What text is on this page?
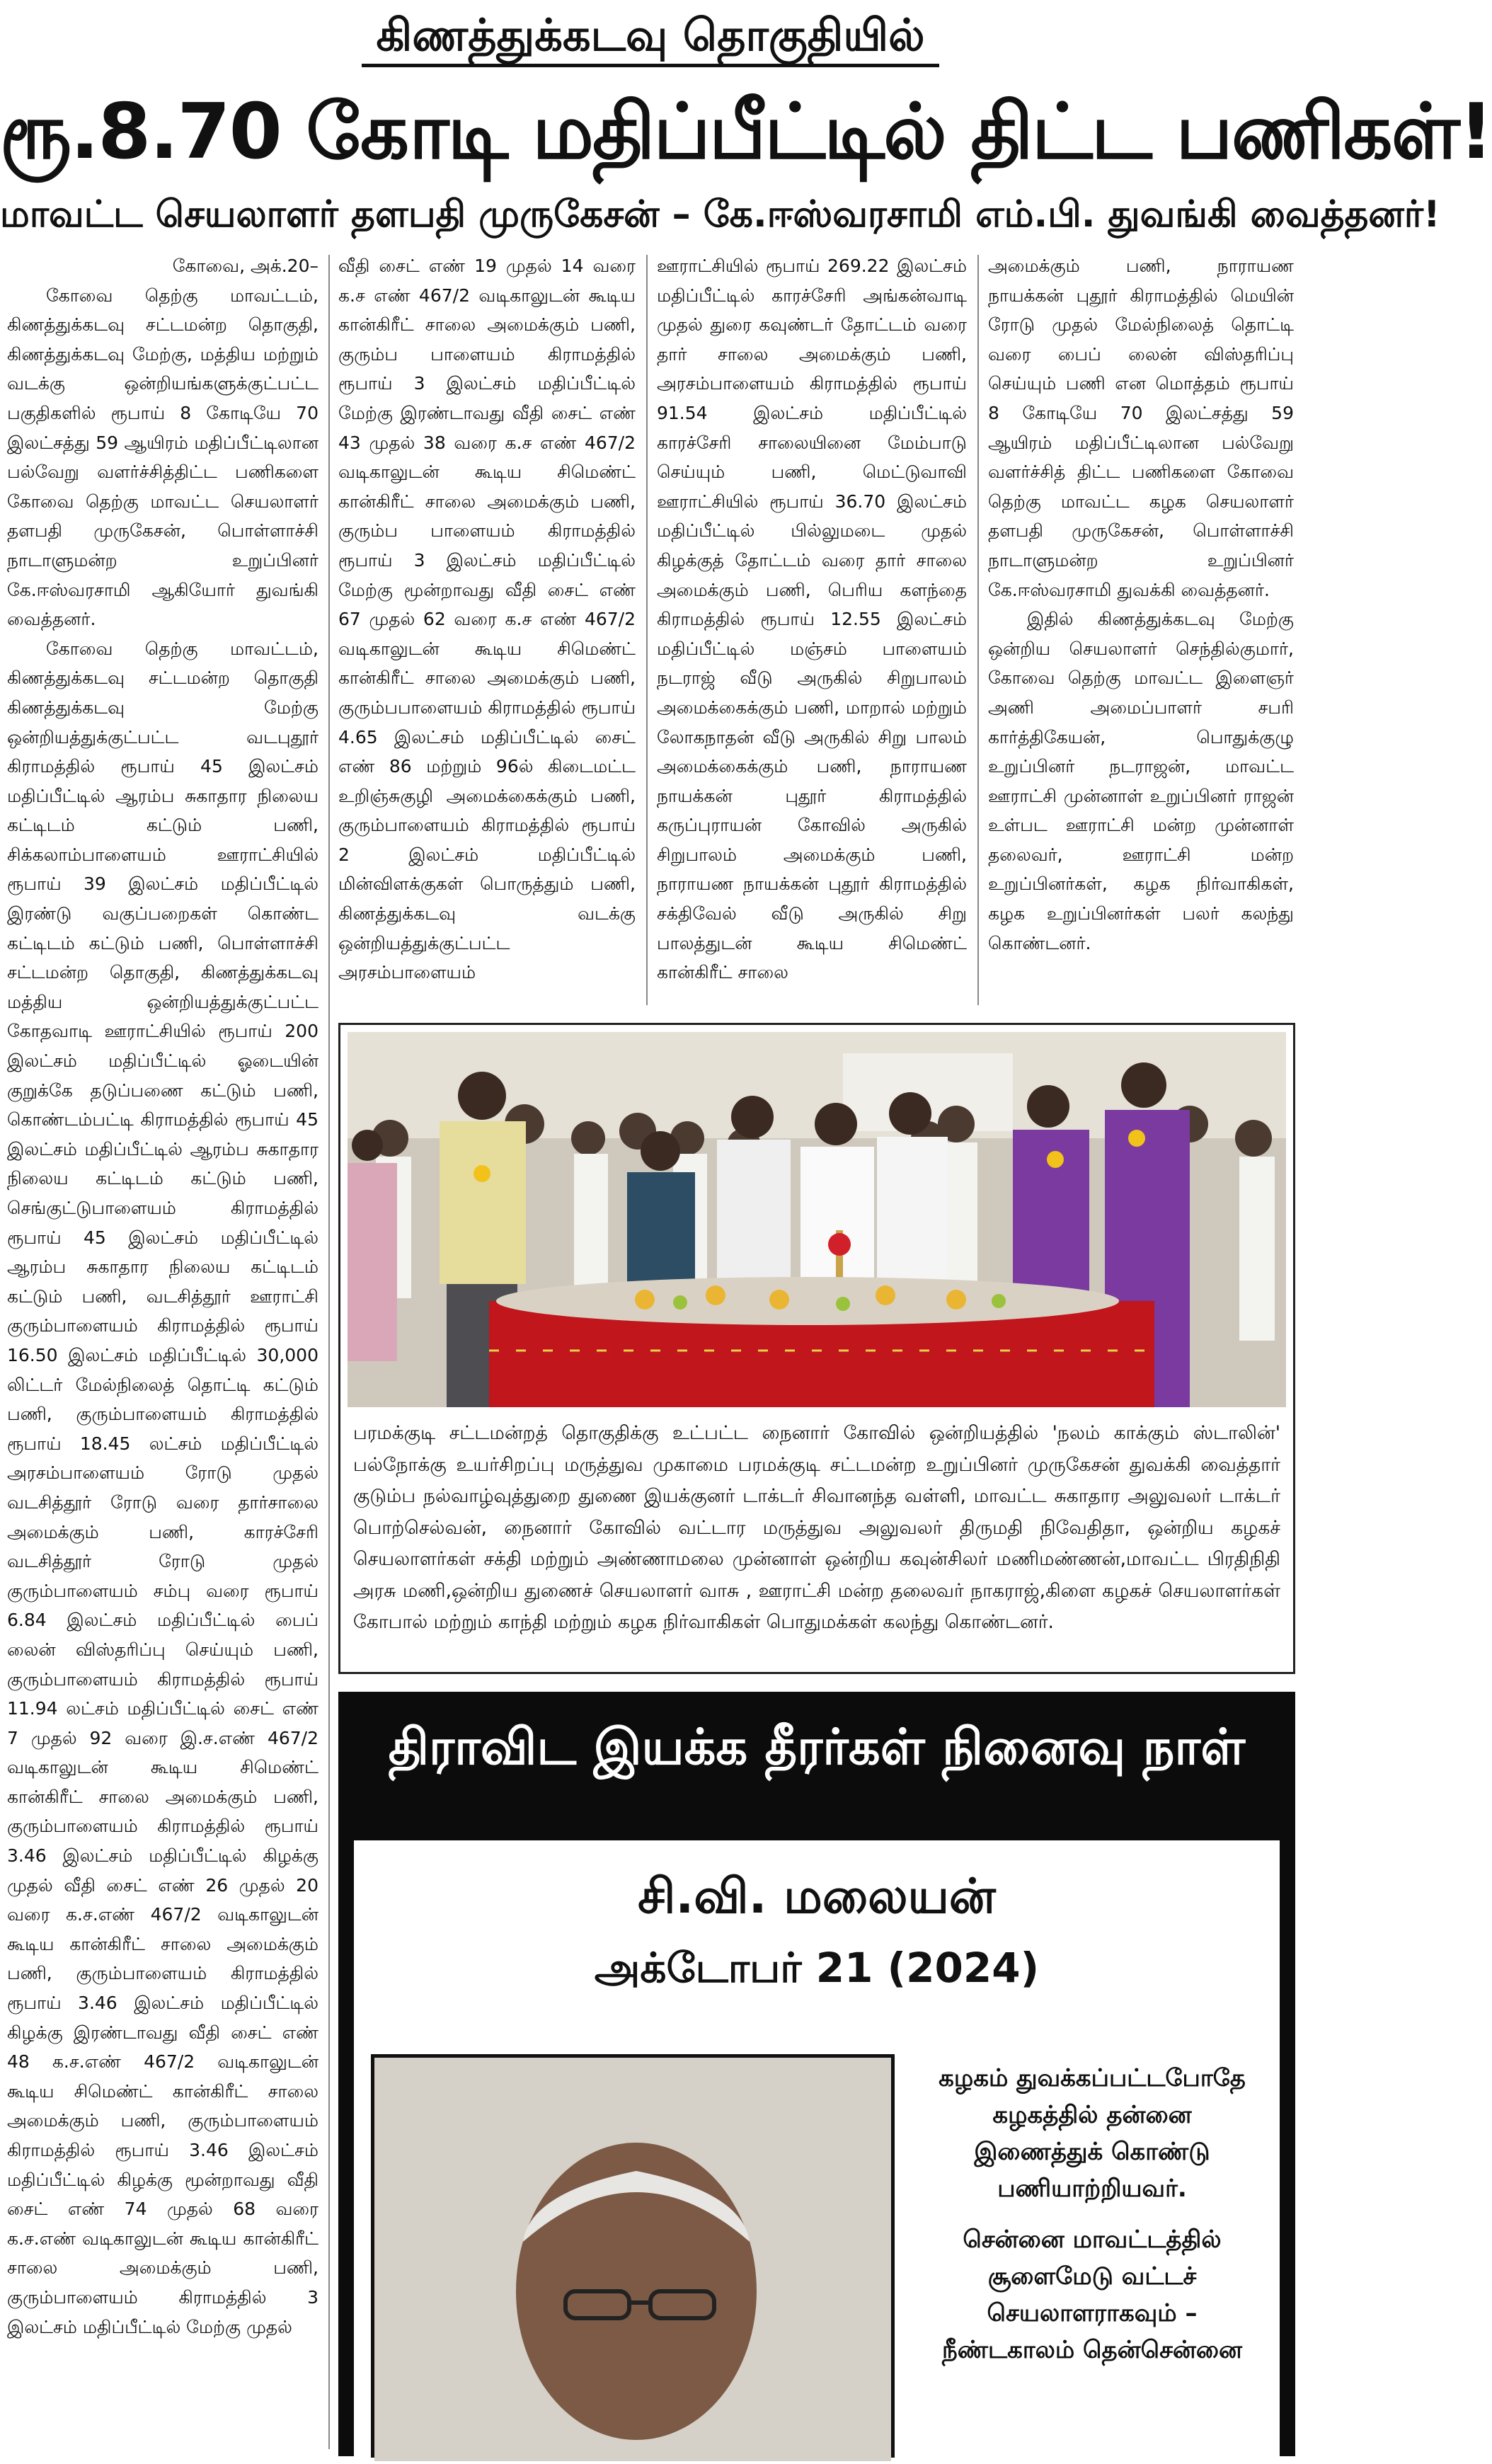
கிணத்துக்கடவு தொகுதியில்
ரூ.8.70 கோடி மதிப்பீட்டில் திட்ட பணிகள்!
மாவட்ட செயலாளர் தளபதி முருகேசன் – கே.ஈஸ்வரசாமி எம்.பி. துவங்கி வைத்தனர்!

கோவை, அக்.20–

கோவை தெற்கு மாவட்டம், கிணத்துக்கடவு சட்டமன்ற தொகுதி, கிணத்துக்கடவு மேற்கு, மத்திய மற்றும் வடக்கு ஒன்றியங்களுக்குட்பட்ட பகுதிகளில் ரூபாய் 8 கோடியே 70 இலட்சத்து 59 ஆயிரம் மதிப்பீட்டிலான பல்வேறு வளர்ச்சித்திட்ட பணிகளை கோவை தெற்கு மாவட்ட செயலாளர் தளபதி முருகேசன், பொள்ளாச்சி நாடாளுமன்ற உறுப்பினர் கே.ஈஸ்வரசாமி ஆகியோர் துவங்கி வைத்தனர்.

கோவை தெற்கு மாவட்டம், கிணத்துக்கடவு சட்டமன்ற தொகுதி கிணத்துக்கடவு மேற்கு ஒன்றியத்துக்குட்பட்ட வடபுதூர் கிராமத்தில் ரூபாய் 45 இலட்சம் மதிப்பீட்டில் ஆரம்ப சுகாதார நிலைய கட்டிடம் கட்டும் பணி, சிக்கலாம்பாளையம் ஊராட்சியில் ரூபாய் 39 இலட்சம் மதிப்பீட்டில் இரண்டு வகுப்பறைகள் கொண்ட கட்டிடம் கட்டும் பணி, பொள்ளாச்சி சட்டமன்ற தொகுதி, கிணத்துக்கடவு மத்திய ஒன்றியத்துக்குட்பட்ட கோதவாடி ஊராட்சியில் ரூபாய் 200 இலட்சம் மதிப்பீட்டில் ஓடையின் குறுக்கே தடுப்பணை கட்டும் பணி, கொண்டம்பட்டி கிராமத்தில் ரூபாய் 45 இலட்சம் மதிப்பீட்டில் ஆரம்ப சுகாதார நிலைய கட்டிடம் கட்டும் பணி, செங்குட்டுபாளையம் கிராமத்தில் ரூபாய் 45 இலட்சம் மதிப்பீட்டில் ஆரம்ப சுகாதார நிலைய கட்டிடம் கட்டும் பணி, வடசித்தூர் ஊராட்சி குரும்பாளையம் கிராமத்தில் ரூபாய் 16.50 இலட்சம் மதிப்பீட்டில் 30,000 லிட்டர் மேல்நிலைத் தொட்டி கட்டும் பணி, குரும்பாளையம் கிராமத்தில் ரூபாய் 18.45 லட்சம் மதிப்பீட்டில் அரசம்பாளையம் ரோடு முதல் வடசித்தூர் ரோடு வரை தார்சாலை அமைக்கும் பணி, காரச்சேரி வடசித்தூர் ரோடு முதல் குரும்பாளையம் சம்பு வரை ரூபாய் 6.84 இலட்சம் மதிப்பீட்டில் பைப் லைன் விஸ்தரிப்பு செய்யும் பணி, குரும்பாளையம் கிராமத்தில் ரூபாய் 11.94 லட்சம் மதிப்பீட்டில் சைட் எண் 7 முதல் 92 வரை இ.ச.எண் 467/2 வடிகாலுடன் கூடிய சிமெண்ட் கான்கிரீட் சாலை அமைக்கும் பணி, குரும்பாளையம் கிராமத்தில் ரூபாய் 3.46 இலட்சம் மதிப்பீட்டில் கிழக்கு முதல் வீதி சைட் எண் 26 முதல் 20 வரை க.ச.எண் 467/2 வடிகாலுடன் கூடிய கான்கிரீட் சாலை அமைக்கும் பணி, குரும்பாளையம் கிராமத்தில் ரூபாய் 3.46 இலட்சம் மதிப்பீட்டில் கிழக்கு இரண்டாவது வீதி சைட் எண் 48 க.ச.எண் 467/2 வடிகாலுடன் கூடிய சிமெண்ட் கான்கிரீட் சாலை அமைக்கும் பணி, குரும்பாளையம் கிராமத்தில் ரூபாய் 3.46 இலட்சம் மதிப்பீட்டில் கிழக்கு மூன்றாவது வீதி சைட் எண் 74 முதல் 68 வரை க.ச.எண் வடிகாலுடன் கூடிய கான்கிரீட் சாலை அமைக்கும் பணி, குரும்பாளையம் கிராமத்தில் 3 இலட்சம் மதிப்பீட்டில் மேற்கு முதல்

வீதி சைட் எண் 19 முதல் 14 வரை க.ச எண் 467/2 வடிகாலுடன் கூடிய கான்கிரீட் சாலை அமைக்கும் பணி, குரும்ப பாளையம் கிராமத்தில் ரூபாய் 3 இலட்சம் மதிப்பீட்டில் மேற்கு இரண்டாவது வீதி சைட் எண் 43 முதல் 38 வரை க.ச எண் 467/2 வடிகாலுடன் கூடிய சிமெண்ட் கான்கிரீட் சாலை அமைக்கும் பணி, குரும்ப பாளையம் கிராமத்தில் ரூபாய் 3 இலட்சம் மதிப்பீட்டில் மேற்கு மூன்றாவது வீதி சைட் எண் 67 முதல் 62 வரை க.ச எண் 467/2 வடிகாலுடன் கூடிய சிமெண்ட் கான்கிரீட் சாலை அமைக்கும் பணி, குரும்பபாளையம் கிராமத்தில் ரூபாய் 4.65 இலட்சம் மதிப்பீட்டில் சைட் எண் 86 மற்றும் 96ல் கிடைமட்ட உறிஞ்சுகுழி அமைக்கைக்கும் பணி, குரும்பாளையம் கிராமத்தில் ரூபாய் 2 இலட்சம் மதிப்பீட்டில் மின்விளக்குகள் பொருத்தும் பணி, கிணத்துக்கடவு வடக்கு ஒன்றியத்துக்குட்பட்ட அரசம்பாளையம்

ஊராட்சியில் ரூபாய் 269.22 இலட்சம் மதிப்பீட்டில் காரச்சேரி அங்கன்வாடி முதல் துரை கவுண்டர் தோட்டம் வரை தார் சாலை அமைக்கும் பணி, அரசம்பாளையம் கிராமத்தில் ரூபாய் 91.54 இலட்சம் மதிப்பீட்டில் காரச்சேரி சாலையினை மேம்பாடு செய்யும் பணி, மெட்டுவாவி ஊராட்சியில் ரூபாய் 36.70 இலட்சம் மதிப்பீட்டில் பில்லுமடை முதல் கிழக்குத் தோட்டம் வரை தார் சாலை அமைக்கும் பணி, பெரிய களந்தை கிராமத்தில் ரூபாய் 12.55 இலட்சம் மதிப்பீட்டில் மஞ்சம் பாளையம் நடராஜ் வீடு அருகில் சிறுபாலம் அமைக்கைக்கும் பணி, மாறால் மற்றும் லோகநாதன் வீடு அருகில் சிறு பாலம் அமைக்கைக்கும் பணி, நாராயண நாயக்கன் புதூர் கிராமத்தில் கருப்புராயன் கோவில் அருகில் சிறுபாலம் அமைக்கும் பணி, நாராயண நாயக்கன் புதூர் கிராமத்தில் சக்திவேல் வீடு அருகில் சிறு பாலத்துடன் கூடிய சிமெண்ட் கான்கிரீட் சாலை

அமைக்கும் பணி, நாராயண நாயக்கன் புதூர் கிராமத்தில் மெயின் ரோடு முதல் மேல்நிலைத் தொட்டி வரை பைப் லைன் விஸ்தரிப்பு செய்யும் பணி என மொத்தம் ரூபாய் 8 கோடியே 70 இலட்சத்து 59 ஆயிரம் மதிப்பீட்டிலான பல்வேறு வளர்ச்சித் திட்ட பணிகளை கோவை தெற்கு மாவட்ட கழக செயலாளர் தளபதி முருகேசன், பொள்ளாச்சி நாடாளுமன்ற உறுப்பினர் கே.ஈஸ்வரசாமி துவக்கி வைத்தனர்.

இதில் கிணத்துக்கடவு மேற்கு ஒன்றிய செயலாளர் செந்தில்குமார், கோவை தெற்கு மாவட்ட இளைஞர் அணி அமைப்பாளர் சபரி கார்த்திகேயன், பொதுக்குழு உறுப்பினர் நடராஜன், மாவட்ட ஊராட்சி முன்னாள் உறுப்பினர் ராஜன் உள்பட ஊராட்சி மன்ற முன்னாள் தலைவர், ஊராட்சி மன்ற உறுப்பினர்கள், கழக நிர்வாகிகள், கழக உறுப்பினர்கள் பலர் கலந்து கொண்டனர்.

பரமக்குடி சட்டமன்றத் தொகுதிக்கு உட்பட்ட நைனார் கோவில் ஒன்றியத்தில் 'நலம் காக்கும் ஸ்டாலின்' பல்நோக்கு உயர்சிறப்பு மருத்துவ முகாமை பரமக்குடி சட்டமன்ற உறுப்பினர் முருகேசன் துவக்கி வைத்தார் குடும்ப நல்வாழ்வுத்துறை துணை இயக்குனர் டாக்டர் சிவானந்த வள்ளி, மாவட்ட சுகாதார அலுவலர் டாக்டர் பொற்செல்வன், நைனார் கோவில் வட்டார மருத்துவ அலுவலர் திருமதி நிவேதிதா, ஒன்றிய கழகச் செயலாளர்கள் சக்தி மற்றும் அண்ணாமலை முன்னாள் ஒன்றிய கவுன்சிலர் மணிமண்ணன்,மாவட்ட பிரதிநிதி அரசு மணி,ஒன்றிய துணைச் செயலாளர் வாசு , ஊராட்சி மன்ற தலைவர் நாகராஜ்,கிளை கழகச் செயலாளர்கள் கோபால் மற்றும் காந்தி மற்றும் கழக நிர்வாகிகள் பொதுமக்கள் கலந்து கொண்டனர்.
திராவிட இயக்க தீரர்கள் நினைவு நாள்
சி.வி. மலையன்
அக்டோபர் 21 (2024)

கழகம் துவக்கப்பட்டபோதே கழகத்தில் தன்னை இணைத்துக் கொண்டு பணியாற்றியவர்.

சென்னை மாவட்டத்தில் சூளைமேடு வட்டச் செயலாளராகவும் – நீண்டகாலம் தென்சென்னை
